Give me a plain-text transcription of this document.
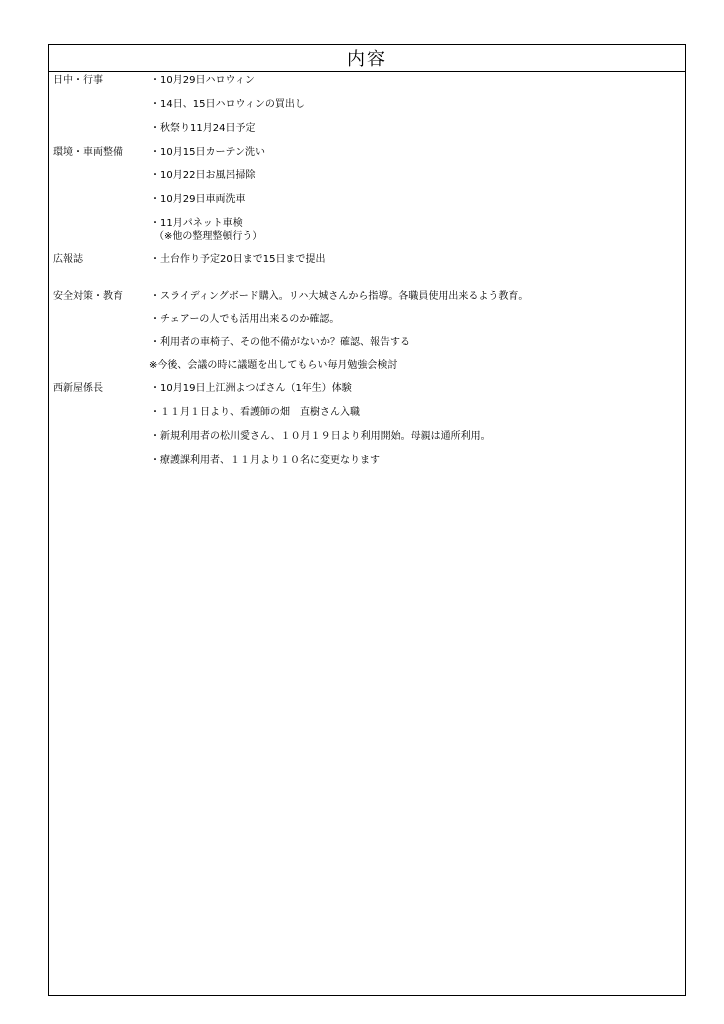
内容
日中・行事	・10月29日ハロウィン
・14日、15日ハロウィンの買出し
・秋祭り11月24日予定
環境・車両整備	・10月15日カーテン洗い
・10月22日お風呂掃除
・10月29日車両洗車
・11月パネット車検
（※他の整理整頓行う）
広報誌	・土台作り予定20日まで15日まで提出
安全対策・教育	・スライディングボード購入。リハ大城さんから指導。各職員使用出来るよう教育。
・チェアーの人でも活用出来るのか確認。
・利用者の車椅子、その他不備がないか？確認、報告する
※今後、会議の時に議題を出してもらい毎月勉強会検討
西新屋係長	・10月19日上江洲よつばさん（1年生）体験
・１１月１日より、看護師の畑　直樹さん入職
・新規利用者の松川愛さん、１０月１９日より利用開始。母親は通所利用。
・療護課利用者、１１月より１０名に変更なります
